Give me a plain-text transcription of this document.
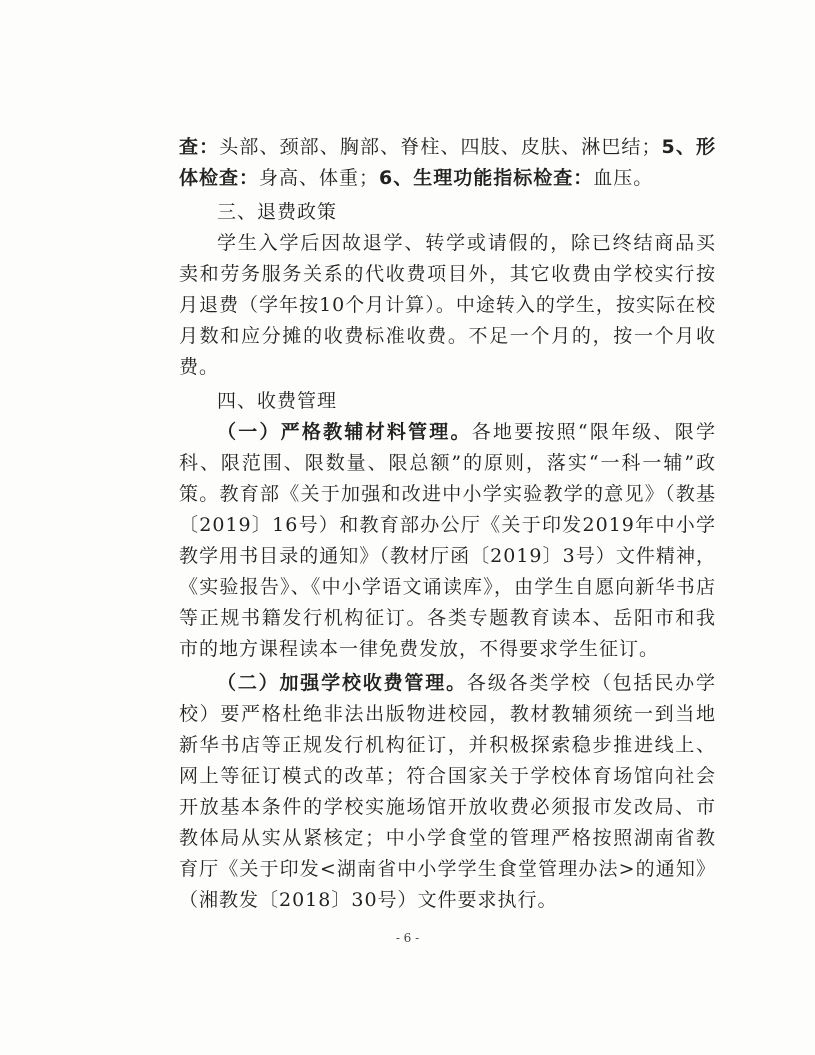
查：头部、颈部、胸部、脊柱、四肢、皮肤、淋巴结；5、形体检查：身高、体重；6、生理功能指标检查：血压。

三、退费政策

学生入学后因故退学、转学或请假的，除已终结商品买卖和劳务服务关系的代收费项目外，其它收费由学校实行按月退费（学年按10个月计算）。中途转入的学生，按实际在校月数和应分摊的收费标准收费。不足一个月的，按一个月收费。

四、收费管理

（一）严格教辅材料管理。各地要按照“限年级、限学科、限范围、限数量、限总额”的原则，落实“一科一辅”政策。教育部《关于加强和改进中小学实验教学的意见》（教基〔2019〕16号）和教育部办公厅《关于印发2019年中小学教学用书目录的通知》（教材厅函〔2019〕3号）文件精神，《实验报告》、《中小学语文诵读库》，由学生自愿向新华书店等正规书籍发行机构征订。各类专题教育读本、岳阳市和我市的地方课程读本一律免费发放，不得要求学生征订。

（二）加强学校收费管理。各级各类学校（包括民办学校）要严格杜绝非法出版物进校园，教材教辅须统一到当地新华书店等正规发行机构征订，并积极探索稳步推进线上、网上等征订模式的改革；符合国家关于学校体育场馆向社会开放基本条件的学校实施场馆开放收费必须报市发改局、市教体局从实从紧核定；中小学食堂的管理严格按照湖南省教育厅《关于印发<湖南省中小学学生食堂管理办法>的通知》（湘教发〔2018〕30号）文件要求执行。

- 6 -
